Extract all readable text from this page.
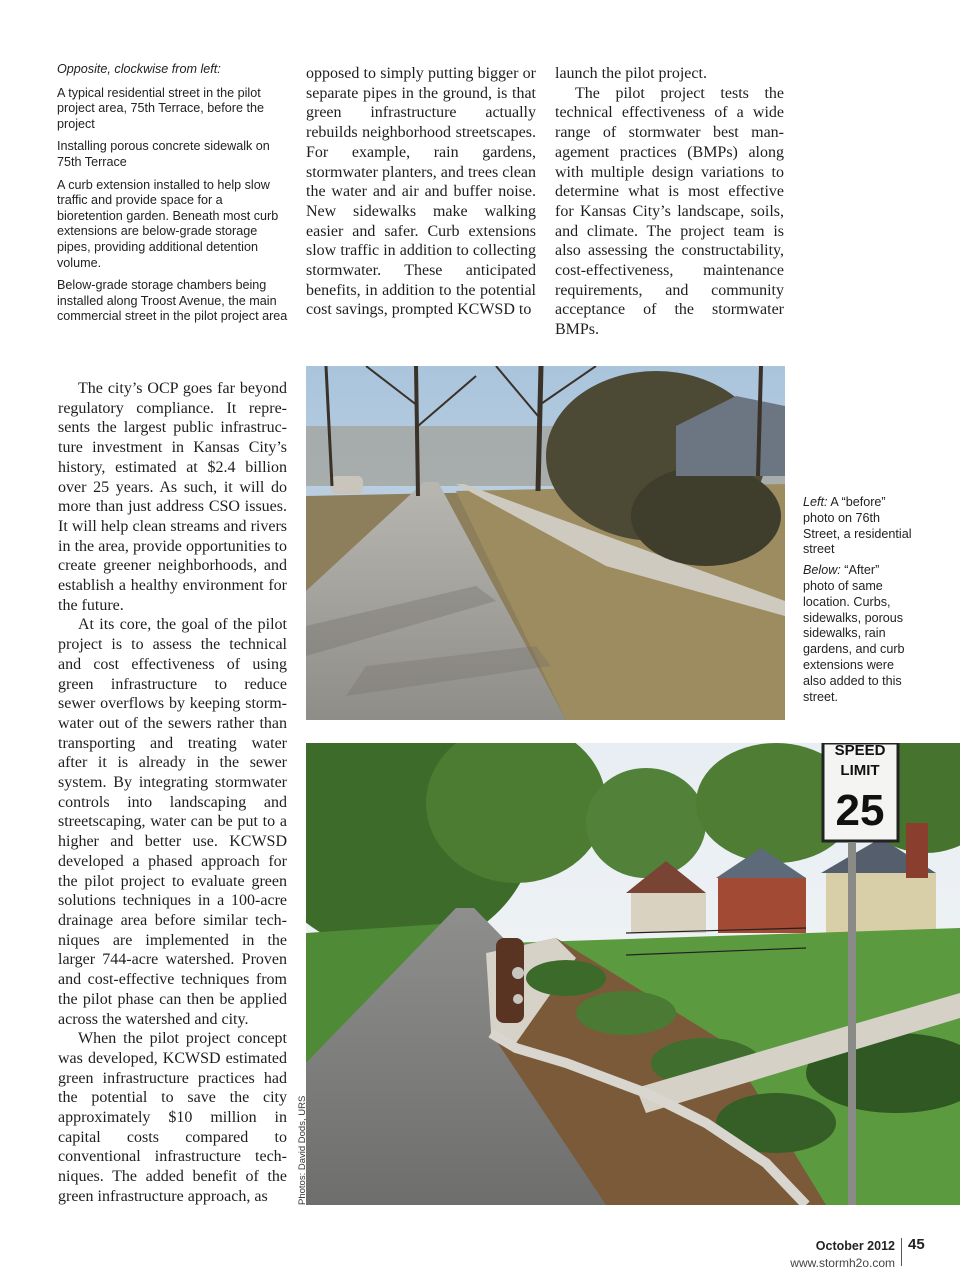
Opposite, clockwise from left:

A typical residential street in the pilot project area, 75th Terrace, before the project

Installing porous concrete sidewalk on 75th Terrace

A curb extension installed to help slow traffic and provide space for a bioretention garden. Beneath most curb extensions are below-grade storage pipes, providing additional detention volume.

Below-grade storage chambers being installed along Troost Avenue, the main commercial street in the pilot project area

opposed to simply putting bigger or separate pipes in the ground, is that green infrastructure actually rebuilds neighborhood streetscapes. For example, rain gardens, stormwater planters, and trees clean the water and air and buffer noise. New sidewalks make walking easier and safer. Curb extensions slow traffic in addition to collecting stormwater. These anticipated benefits, in addition to the potential cost savings, prompted KCWSD to

launch the pilot project.

The pilot project tests the technical effectiveness of a wide range of stormwater best management practices (BMPs) along with multiple design variations to determine what is most effective for Kansas City’s landscape, soils, and climate. The project team is also assessing the constructability, cost-effectiveness, maintenance requirements, and community acceptance of the stormwater BMPs.

The city’s OCP goes far beyond regulatory compliance. It represents the largest public infrastructure investment in Kansas City’s history, estimated at $2.4 billion over 25 years. As such, it will do more than just address CSO issues. It will help clean streams and rivers in the area, provide opportunities to create greener neighborhoods, and establish a healthy environment for the future.

At its core, the goal of the pilot project is to assess the technical and cost effectiveness of using green infrastructure to reduce sewer overflows by keeping stormwater out of the sewers rather than transporting and treating water after it is already in the sewer system. By integrating stormwater controls into landscaping and streetscaping, water can be put to a higher and better use. KCWSD developed a phased approach for the pilot project to evaluate green solutions techniques in a 100-acre drainage area before similar techniques are implemented in the larger 744-acre watershed. Proven and cost-effective techniques from the pilot phase can then be applied across the watershed and city.

When the pilot project concept was developed, KCWSD estimated green infrastructure practices had the potential to save the city approximately $10 million in capital costs compared to conventional infrastructure techniques. The added benefit of the green infrastructure approach, as

Left: A “before” photo on 76th Street, a residential street

Below: “After” photo of same location. Curbs, sidewalks, porous sidewalks, rain gardens, and curb extensions were also added to this street.

SPEED
LIMIT
25
Photos: David Dods, URS
October 2012 45
www.stormh2o.com
